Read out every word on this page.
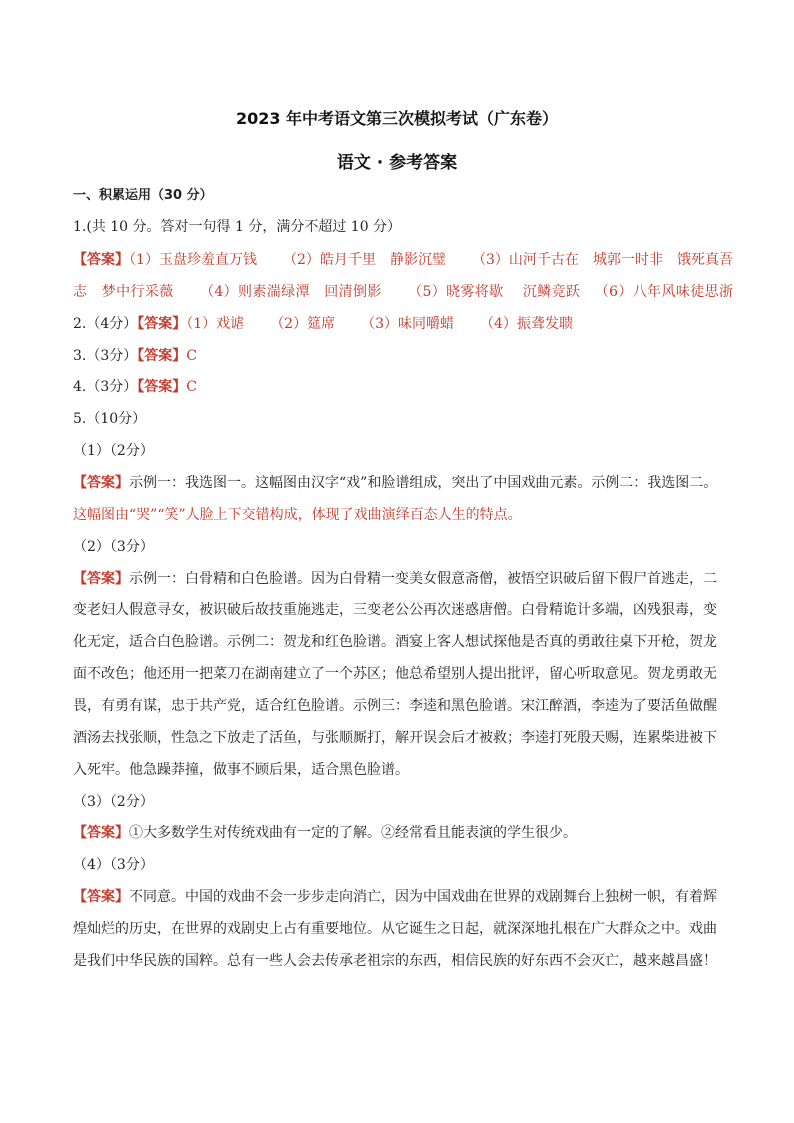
2023 年中考语文第三次模拟考试（广东卷）
语文 · 参考答案
一、积累运用（30 分）
1.(共 10 分。答对一句得 1 分，满分不超过 10 分）
【答案】（1）玉盘珍羞直万钱 （2）皓月千里　静影沉璧 （3）山河千古在　城郭一时非　饿死真吾
志　梦中行采薇 （4）则素湍绿潭　回清倒影 （5）晓雾将歇　 沉鳞竞跃 （6）八年风味徒思浙
2.（4分）【答案】（1）戏谑 （2）筵席 （3）味同嚼蜡 （4）振聋发聩
3.（3分）【答案】C
4.（3分）【答案】C
5.（10分）
（1）（2分）
【答案】示例一：我选图一。这幅图由汉字“戏”和脸谱组成，突出了中国戏曲元素。示例二：我选图二。
这幅图由“哭”“笑”人脸上下交错构成，体现了戏曲演绎百态人生的特点。
（2）（3分）
【答案】示例一：白骨精和白色脸谱。因为白骨精一变美女假意斋僧，被悟空识破后留下假尸首逃走，二
变老妇人假意寻女，被识破后故技重施逃走，三变老公公再次迷惑唐僧。白骨精诡计多端，凶残狠毒，变
化无定，适合白色脸谱。示例二：贺龙和红色脸谱。酒宴上客人想试探他是否真的勇敢往桌下开枪，贺龙
面不改色；他还用一把菜刀在湖南建立了一个苏区；他总希望别人提出批评，留心听取意见。贺龙勇敢无
畏，有勇有谋，忠于共产党，适合红色脸谱。示例三：李逵和黑色脸谱。宋江醉酒，李逵为了要活鱼做醒
酒汤去找张顺，性急之下放走了活鱼，与张顺厮打，解开误会后才被救；李逵打死殷天赐，连累柴进被下
入死牢。他急躁莽撞，做事不顾后果，适合黑色脸谱。
（3）（2分）
【答案】①大多数学生对传统戏曲有一定的了解。②经常看且能表演的学生很少。
（4）（3分）
【答案】不同意。中国的戏曲不会一步步走向消亡，因为中国戏曲在世界的戏剧舞台上独树一帜，有着辉
煌灿烂的历史，在世界的戏剧史上占有重要地位。从它诞生之日起，就深深地扎根在广大群众之中。戏曲
是我们中华民族的国粹。总有一些人会去传承老祖宗的东西，相信民族的好东西不会灭亡，越来越昌盛！
